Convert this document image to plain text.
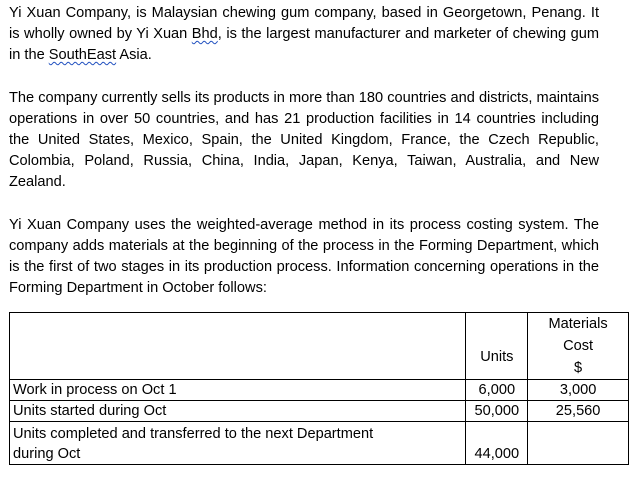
Yi Xuan Company, is Malaysian chewing gum company, based in Georgetown, Penang. It is wholly owned by Yi Xuan Bhd, is the largest manufacturer and marketer of chewing gum in the SouthEast Asia.

The company currently sells its products in more than 180 countries and districts, maintains operations in over 50 countries, and has 21 production facilities in 14 countries including the United States, Mexico, Spain, the United Kingdom, France, the Czech Republic, Colombia, Poland, Russia, China, India, Japan, Kenya, Taiwan, Australia, and New Zealand.

Yi Xuan Company uses the weighted-average method in its process costing system. The company adds materials at the beginning of the process in the Forming Department, which is the first of two stages in its production process. Information concerning operations in the Forming Department in October follows:

	Units	Materials
Cost
$

Work in process on Oct 1	6,000	3,000
Units started during Oct	50,000	25,560
Units completed and transferred to the next Department during Oct	44,000	
